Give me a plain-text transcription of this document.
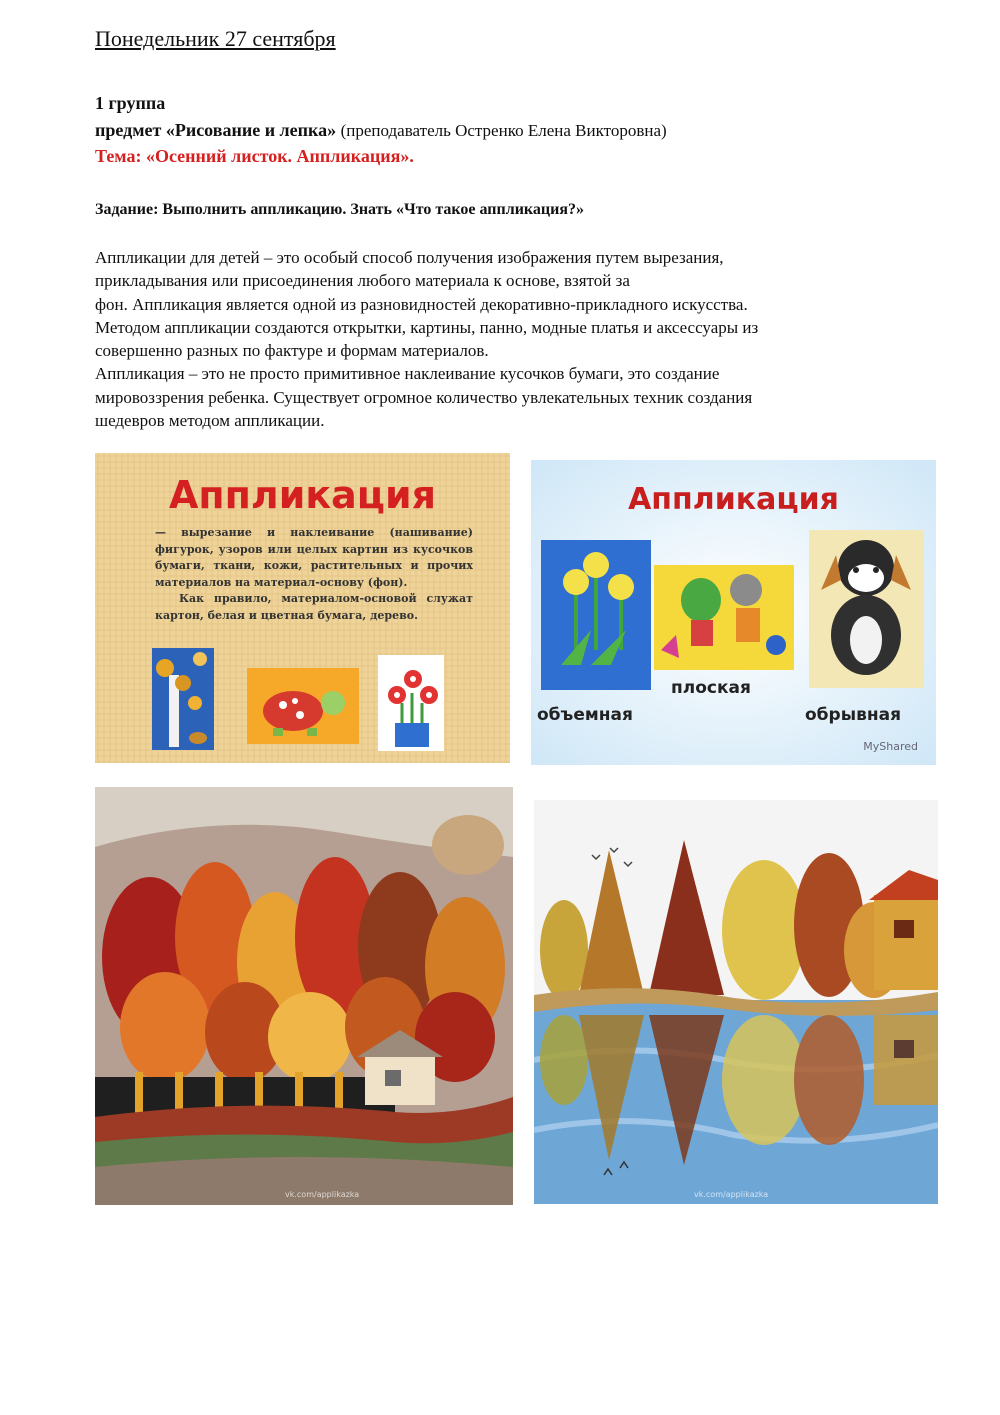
Понедельник 27 сентября
1 группа
предмет «Рисование и лепка» (преподаватель Остренко Елена Викторовна)
Тема: «Осенний листок. Аппликация».
Задание: Выполнить аппликацию. Знать «Что такое аппликация?»
Аппликации для детей – это особый способ получения изображения путем вырезания,
прикладывания или присоединения любого материала к основе, взятой за
фон. Аппликация является одной из разновидностей декоративно-прикладного искусства.
Методом аппликации создаются открытки, картины, панно, модные платья и аксессуары из
совершенно разных по фактуре и формам материалов.
Аппликация – это не просто примитивное наклеивание кусочков бумаги, это создание
мировоззрения ребенка. Существует огромное количество увлекательных техник создания
шедевров методом аппликации.
Аппликация
— вырезание и наклеивание (нашивание) фигурок, узоров или целых картин из кусочков бумаги, ткани, кожи, растительных и прочих материалов на материал-основу (фон).
Как правило, материалом-основой служат картон, белая и цветная бумага, дерево.
Аппликация
объемная
плоская
обрывная
MyShared
vk.com/applikazka	vk.com/applikazka
